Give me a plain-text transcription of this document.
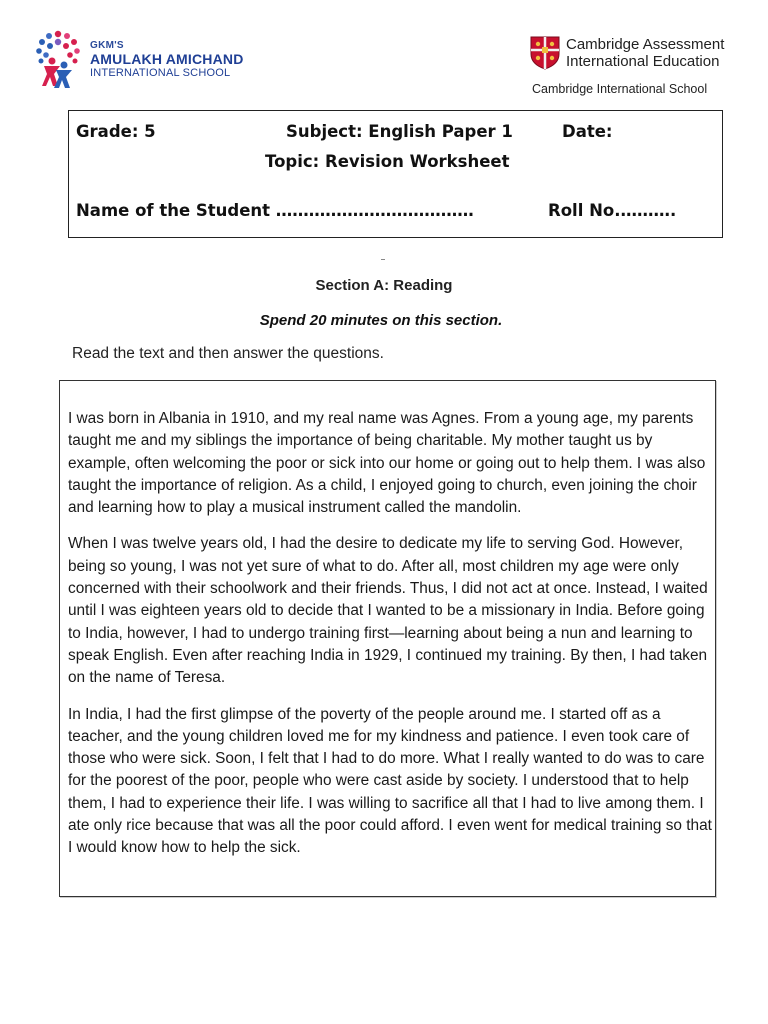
GKM'S
AMULAKH AMICHAND
INTERNATIONAL SCHOOL
Cambridge Assessment
International Education
Cambridge International School
Grade: 5	Subject: English Paper 1	Date:
Topic: Revision Worksheet
Name of the Student ………………………………	Roll No.……….
Section A: Reading
Spend 20 minutes on this section.
Read the text and then answer the questions.

I was born in Albania in 1910, and my real name was Agnes. From a young age, my parents taught me and my siblings the importance of being charitable. My mother taught us by example, often welcoming the poor or sick into our home or going out to help them. I was also taught the importance of religion. As a child, I enjoyed going to church, even joining the choir and learning how to play a musical instrument called the mandolin.

When I was twelve years old, I had the desire to dedicate my life to serving God. However, being so young, I was not yet sure of what to do. After all, most children my age were only concerned with their schoolwork and their friends. Thus, I did not act at once. Instead, I waited until I was eighteen years old to decide that I wanted to be a missionary in India. Before going to India, however, I had to undergo training first—learning about being a nun and learning to speak English. Even after reaching India in 1929, I continued my training. By then, I had taken on the name of Teresa.

In India, I had the first glimpse of the poverty of the people around me. I started off as a teacher, and the young children loved me for my kindness and patience. I even took care of those who were sick. Soon, I felt that I had to do more. What I really wanted to do was to care for the poorest of the poor, people who were cast aside by society. I understood that to help them, I had to experience their life. I was willing to sacrifice all that I had to live among them. I ate only rice because that was all the poor could afford. I even went for medical training so that I would know how to help the sick.
